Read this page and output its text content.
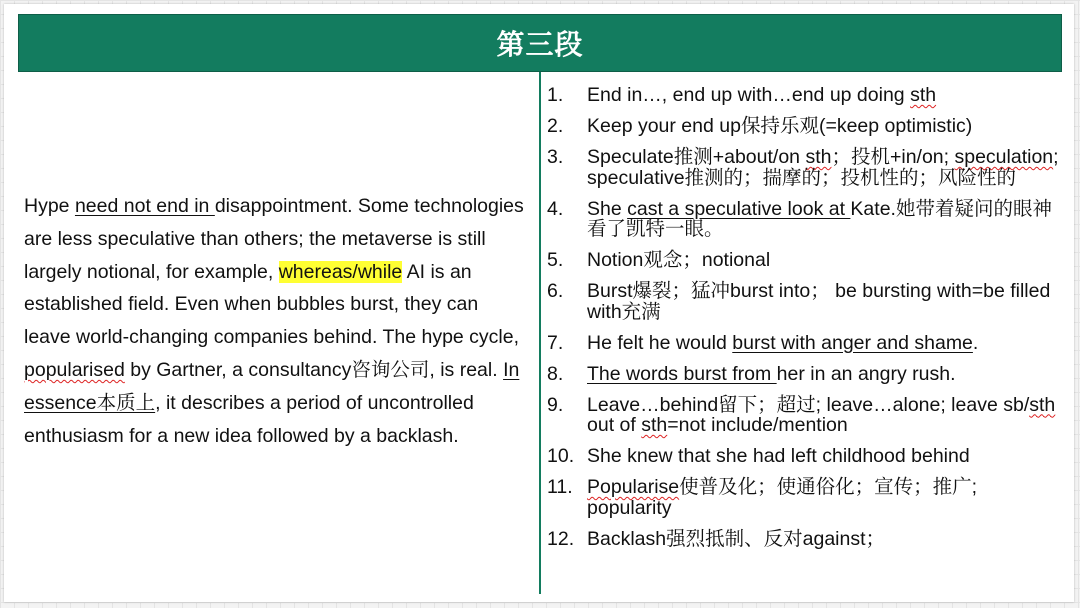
第三段
Hype need not end in disappointment. Some technologies are less speculative than others; the metaverse is still largely notional, for example, whereas/while AI is an established field. Even when bubbles burst, they can leave world-changing companies behind. The hype cycle, popularised by Gartner, a consultancy咨询公司, is real. In essence本质上, it describes a period of uncontrolled enthusiasm for a new idea followed by a backlash.
1.	End in…, end up with…end up doing sth
2.	Keep your end up保持乐观(=keep optimistic)
3.	Speculate推测+about/on sth；投机+in/on; speculation; speculative推测的；揣摩的；投机性的；风险性的
4.	She cast a speculative look at Kate.她带着疑问的眼神看了凯特一眼。
5.	Notion观念；notional
6.	Burst爆裂；猛冲burst into； be bursting with=be filled with充满
7.	He felt he would burst with anger and shame.
8.	The words burst from her in an angry rush.
9.	Leave…behind留下；超过; leave…alone; leave sb/sth out of sth=not include/mention
10. She knew that she had left childhood behind
11. Popularise使普及化；使通俗化；宣传；推广; popularity
12. Backlash强烈抵制、反对against；
